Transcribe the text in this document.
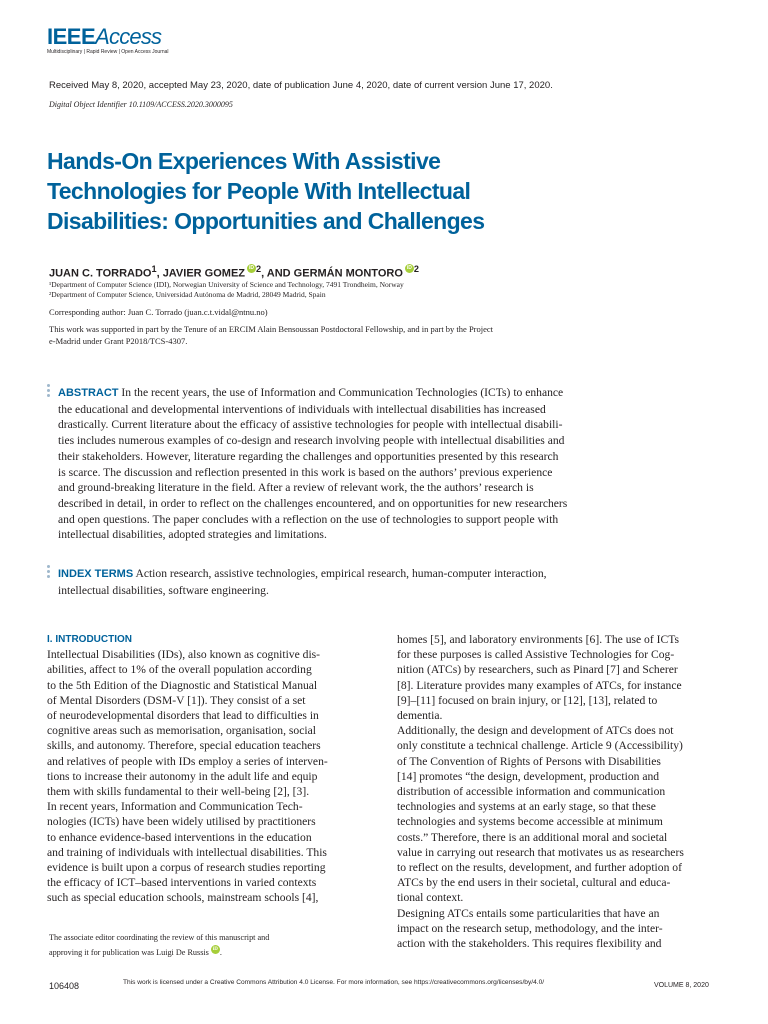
IEEEAccess
Multidisciplinary | Rapid Review | Open Access Journal
Received May 8, 2020, accepted May 23, 2020, date of publication June 4, 2020, date of current version June 17, 2020.
Digital Object Identifier 10.1109/ACCESS.2020.3000095
Hands-On Experiences With Assistive
Technologies for People With Intellectual
Disabilities: Opportunities and Challenges
JUAN C. TORRADO$^1$, JAVIER GOMEZ iD $^2$, AND GERMÁN MONTORO iD $^2$
¹Department of Computer Science (IDI), Norwegian University of Science and Technology, 7491 Trondheim, Norway
²Department of Computer Science, Universidad Autónoma de Madrid, 28049 Madrid, Spain
Corresponding author: Juan C. Torrado (juan.c.t.vidal@ntnu.no)
This work was supported in part by the Tenure of an ERCIM Alain Bensoussan Postdoctoral Fellowship, and in part by the Project
e-Madrid under Grant P2018/TCS-4307.
ABSTRACT In the recent years, the use of Information and Communication Technologies (ICTs) to enhance
the educational and developmental interventions of individuals with intellectual disabilities has increased
drastically. Current literature about the efficacy of assistive technologies for people with intellectual disabili-
ties includes numerous examples of co-design and research involving people with intellectual disabilities and
their stakeholders. However, literature regarding the challenges and opportunities presented by this research
is scarce. The discussion and reflection presented in this work is based on the authors’ previous experience
and ground-breaking literature in the field. After a review of relevant work, the the authors’ research is
described in detail, in order to reflect on the challenges encountered, and on opportunities for new researchers
and open questions. The paper concludes with a reflection on the use of technologies to support people with
intellectual disabilities, adopted strategies and limitations.
INDEX TERMS Action research, assistive technologies, empirical research, human-computer interaction,
intellectual disabilities, software engineering.
I. INTRODUCTION
Intellectual Disabilities (IDs), also known as cognitive dis-
abilities, affect to 1% of the overall population according
to the 5th Edition of the Diagnostic and Statistical Manual
of Mental Disorders (DSM-V [1]). They consist of a set
of neurodevelopmental disorders that lead to difficulties in
cognitive areas such as memorisation, organisation, social
skills, and autonomy. Therefore, special education teachers
and relatives of people with IDs employ a series of interven-
tions to increase their autonomy in the adult life and equip
them with skills fundamental to their well-being [2], [3].
In recent years, Information and Communication Tech-
nologies (ICTs) have been widely utilised by practitioners
to enhance evidence-based interventions in the education
and training of individuals with intellectual disabilities. This
evidence is built upon a corpus of research studies reporting
the efficacy of ICT–based interventions in varied contexts
such as special education schools, mainstream schools [4],
homes [5], and laboratory environments [6]. The use of ICTs
for these purposes is called Assistive Technologies for Cog-
nition (ATCs) by researchers, such as Pinard [7] and Scherer
[8]. Literature provides many examples of ATCs, for instance
[9]–[11] focused on brain injury, or [12], [13], related to
dementia.
Additionally, the design and development of ATCs does not
only constitute a technical challenge. Article 9 (Accessibility)
of The Convention of Rights of Persons with Disabilities
[14] promotes “the design, development, production and
distribution of accessible information and communication
technologies and systems at an early stage, so that these
technologies and systems become accessible at minimum
costs.” Therefore, there is an additional moral and societal
value in carrying out research that motivates us as researchers
to reflect on the results, development, and further adoption of
ATCs by the end users in their societal, cultural and educa-
tional context.
Designing ATCs entails some particularities that have an
impact on the research setup, methodology, and the inter-
action with the stakeholders. This requires flexibility and
The associate editor coordinating the review of this manuscript and
approving it for publication was Luigi De Russis iD .
106408	This work is licensed under a Creative Commons Attribution 4.0 License. For more information, see https://creativecommons.org/licenses/by/4.0/	VOLUME 8, 2020
